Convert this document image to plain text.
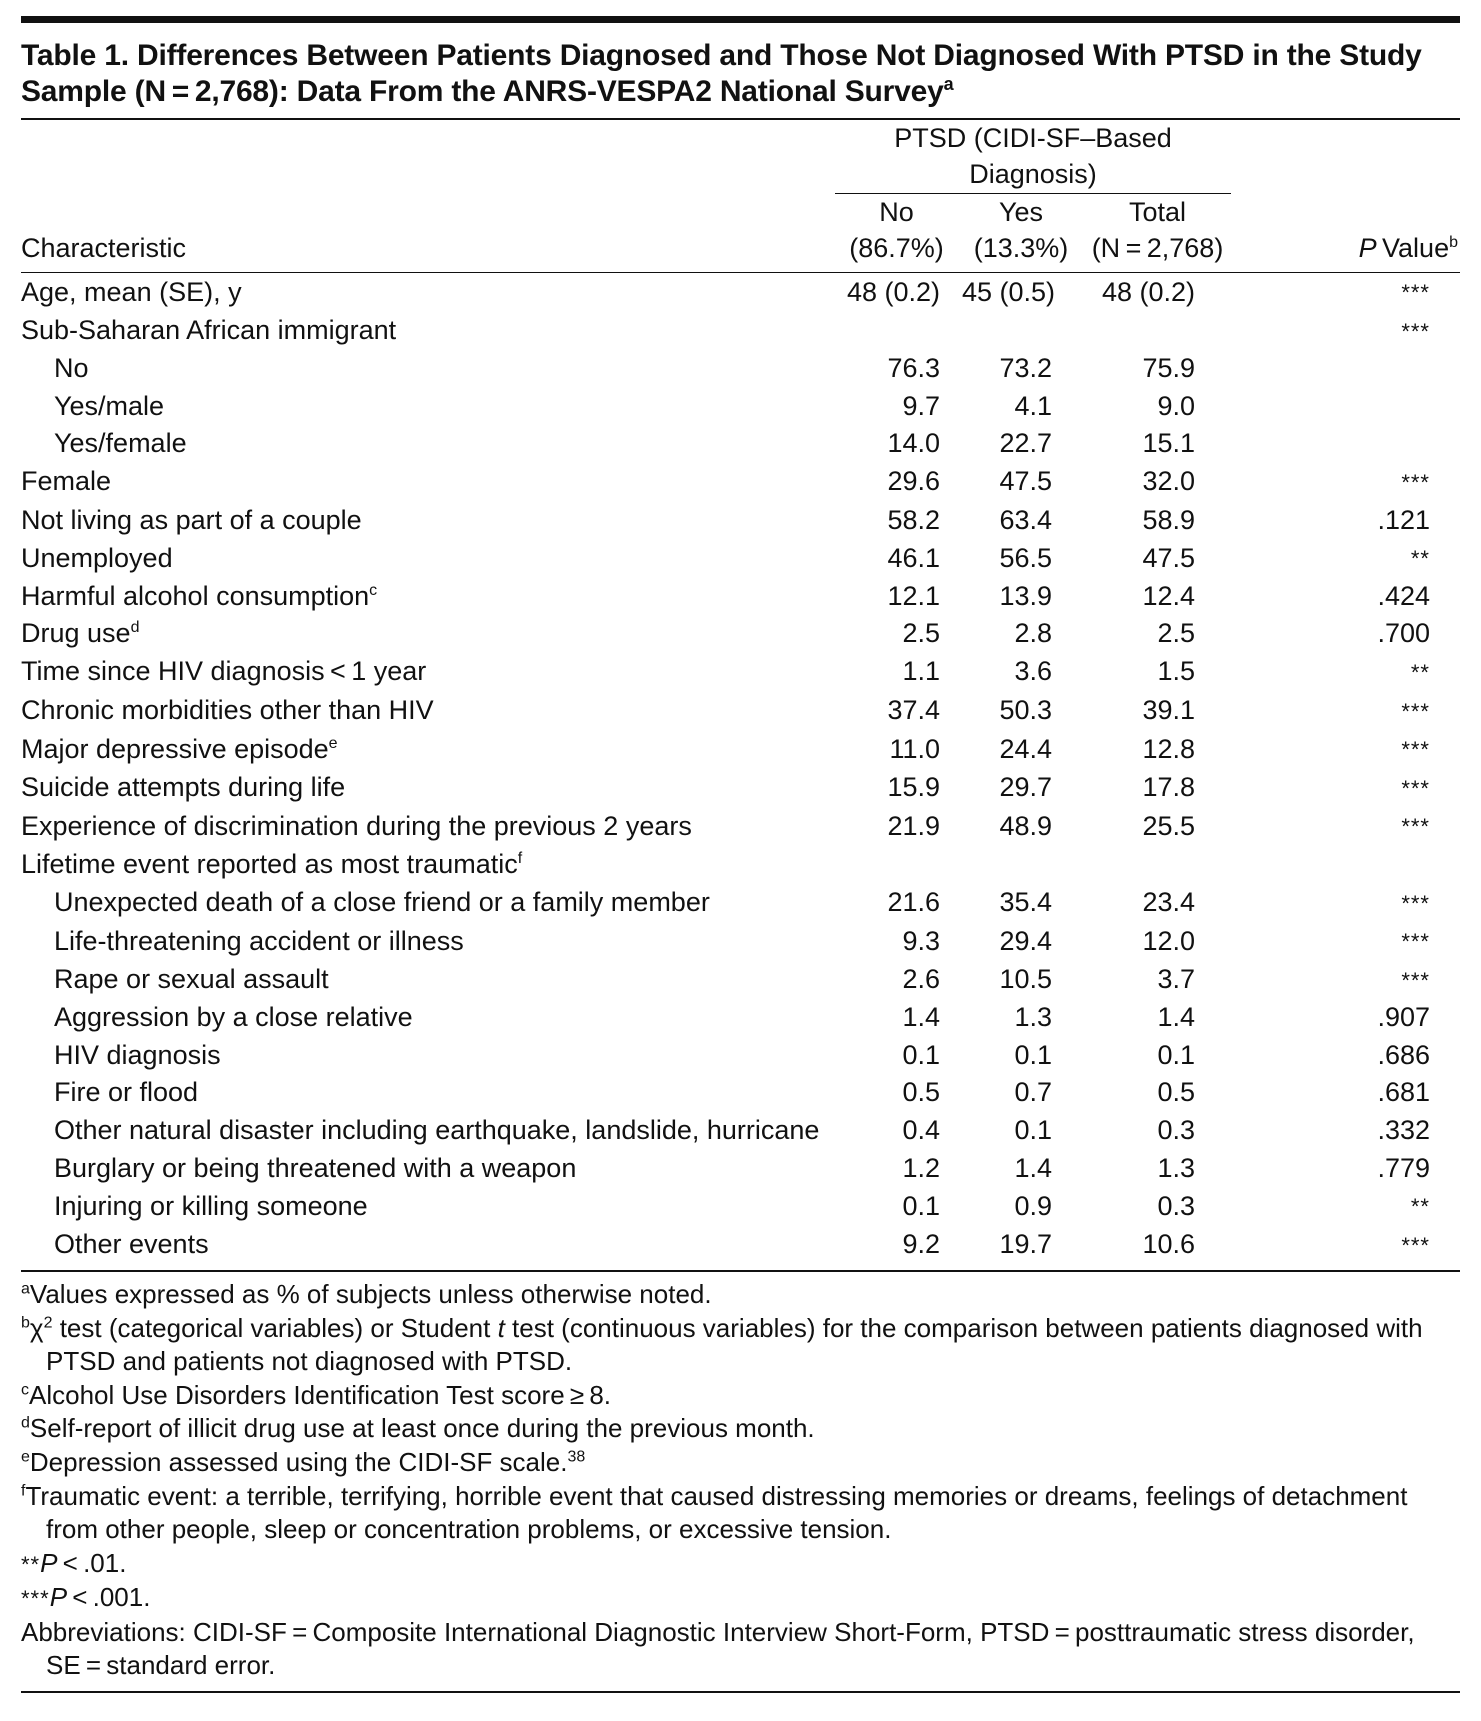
Table 1. Differences Between Patients Diagnosed and Those Not Diagnosed With PTSD in the Study Sample (N = 2,768): Data From the ANRS-VESPA2 National Survey$^a$
	PTSD (CIDI-SF–Based Diagnosis)			
	No	Yes	Total	
Characteristic	(86.7%)	(13.3%)	(N = 2,768)	P Value$^b$

Age, mean (SE), y	48 (0.2)	45 (0.5)	48 (0.2)	***
Sub-Saharan African immigrant				***
No	76.3	73.2	75.9	
Yes/male	9.7	4.1	9.0	
Yes/female	14.0	22.7	15.1	
Female	29.6	47.5	32.0	***
Not living as part of a couple	58.2	63.4	58.9	.121
Unemployed	46.1	56.5	47.5	**
Harmful alcohol consumption$^c$	12.1	13.9	12.4	.424
Drug use$^d$	2.5	2.8	2.5	.700
Time since HIV diagnosis < 1 year	1.1	3.6	1.5	**
Chronic morbidities other than HIV	37.4	50.3	39.1	***
Major depressive episode$^e$	11.0	24.4	12.8	***
Suicide attempts during life	15.9	29.7	17.8	***
Experience of discrimination during the previous 2 years	21.9	48.9	25.5	***
Lifetime event reported as most traumatic$^f$				
Unexpected death of a close friend or a family member	21.6	35.4	23.4	***
Life-threatening accident or illness	9.3	29.4	12.0	***
Rape or sexual assault	2.6	10.5	3.7	***
Aggression by a close relative	1.4	1.3	1.4	.907
HIV diagnosis	0.1	0.1	0.1	.686
Fire or flood	0.5	0.7	0.5	.681
Other natural disaster including earthquake, landslide, hurricane	0.4	0.1	0.3	.332
Burglary or being threatened with a weapon	1.2	1.4	1.3	.779
Injuring or killing someone	0.1	0.9	0.3	**
Other events	9.2	19.7	10.6	***
$^a$Values expressed as % of subjects unless otherwise noted.
$^b\chi^2$ test (categorical variables) or Student t test (continuous variables) for the comparison between patients diagnosed with PTSD and patients not diagnosed with PTSD.
$^c$Alcohol Use Disorders Identification Test score ≥ 8.
$^d$Self-report of illicit drug use at least once during the previous month.
$^e$Depression assessed using the CIDI-SF scale.$^{38}$
$^f$Traumatic event: a terrible, terrifying, horrible event that caused distressing memories or dreams, feelings of detachment from other people, sleep or concentration problems, or excessive tension.
**P < .01.
***P < .001.
Abbreviations: CIDI-SF = Composite International Diagnostic Interview Short-Form, PTSD = posttraumatic stress disorder, SE = standard error.
